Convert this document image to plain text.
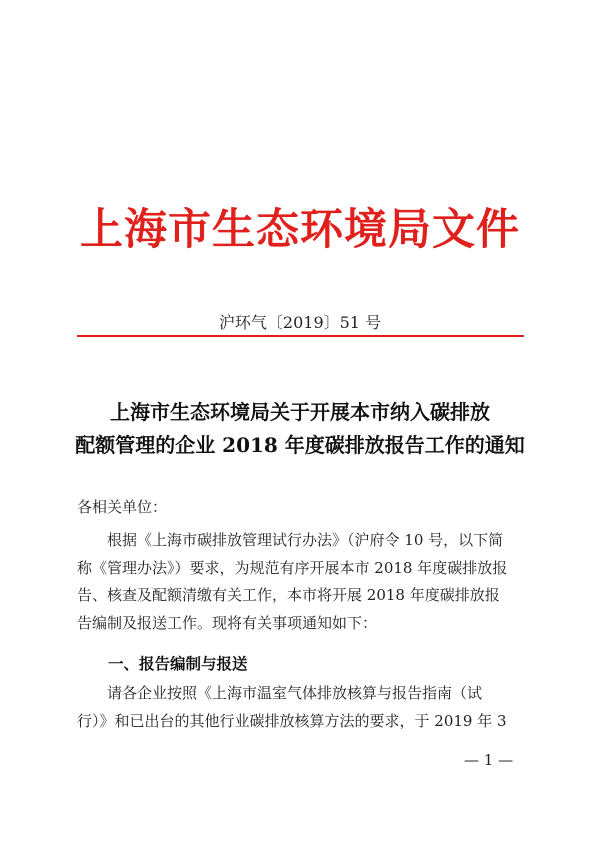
上海市生态环境局文件
沪环气〔2019〕51 号
上海市生态环境局关于开展本市纳入碳排放
配额管理的企业 2018 年度碳排放报告工作的通知
各相关单位：
根据《上海市碳排放管理试行办法》（沪府令 10 号，以下简
称《管理办法》）要求，为规范有序开展本市 2018 年度碳排放报
告、核查及配额清缴有关工作，本市将开展 2018 年度碳排放报
告编制及报送工作。现将有关事项通知如下：
一、报告编制与报送
请各企业按照《上海市温室气体排放核算与报告指南（试
行）》和已出台的其他行业碳排放核算方法的要求，于 2019 年 3
— 1 —
